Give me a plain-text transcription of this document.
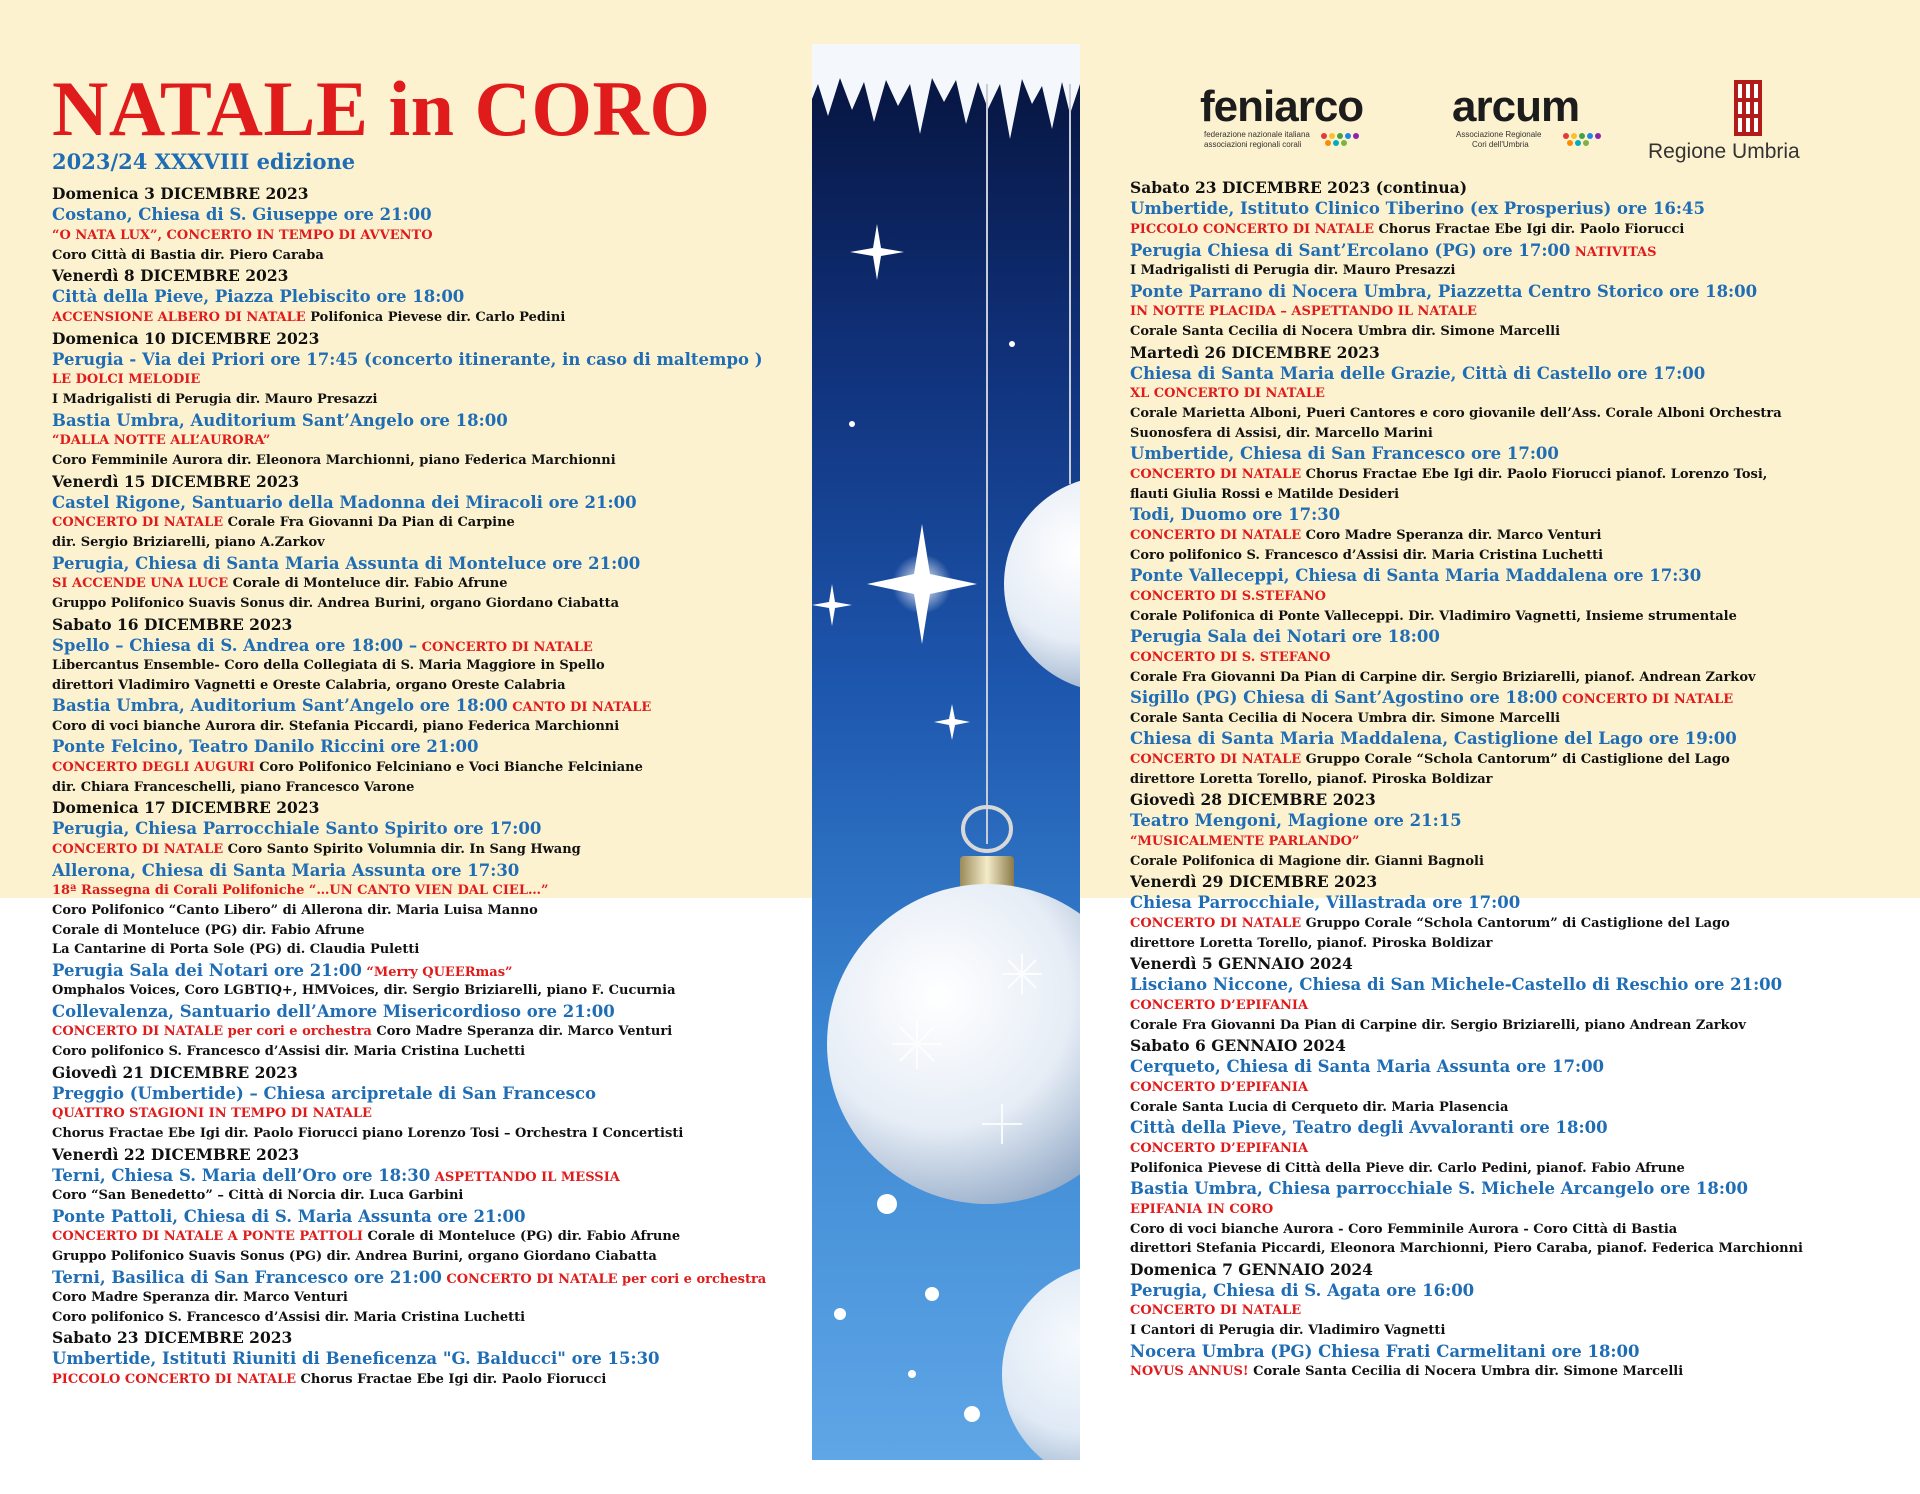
NATALE in CORO
2023/24 XXXVIII edizione
Domenica 3 DICEMBRE 2023
Costano, Chiesa di S. Giuseppe ore 21:00
“O NATA LUX”, CONCERTO IN TEMPO DI AVVENTO
Coro Città di Bastia dir. Piero Caraba
Venerdì 8 DICEMBRE 2023
Città della Pieve, Piazza Plebiscito ore 18:00
ACCENSIONE ALBERO DI NATALE Polifonica Pievese dir. Carlo Pedini
Domenica 10 DICEMBRE 2023
Perugia - Via dei Priori ore 17:45 (concerto itinerante, in caso di maltempo )
LE DOLCI MELODIE
I Madrigalisti di Perugia dir. Mauro Presazzi
Bastia Umbra, Auditorium Sant’Angelo ore 18:00
“DALLA NOTTE ALL’AURORA”
Coro Femminile Aurora dir. Eleonora Marchionni, piano Federica Marchionni
Venerdì 15 DICEMBRE 2023
Castel Rigone, Santuario della Madonna dei Miracoli ore 21:00
CONCERTO DI NATALE Corale Fra Giovanni Da Pian di Carpine
dir. Sergio Briziarelli, piano A.Zarkov
Perugia, Chiesa di Santa Maria Assunta di Monteluce ore 21:00
SI ACCENDE UNA LUCE Corale di Monteluce dir. Fabio Afrune
Gruppo Polifonico Suavis Sonus dir. Andrea Burini, organo Giordano Ciabatta
Sabato 16 DICEMBRE 2023
Spello – Chiesa di S. Andrea ore 18:00 – CONCERTO DI NATALE
Libercantus Ensemble- Coro della Collegiata di S. Maria Maggiore in Spello
direttori Vladimiro Vagnetti e Oreste Calabria, organo Oreste Calabria
Bastia Umbra, Auditorium Sant’Angelo ore 18:00 CANTO DI NATALE
Coro di voci bianche Aurora dir. Stefania Piccardi, piano Federica Marchionni
Ponte Felcino, Teatro Danilo Riccini ore 21:00
CONCERTO DEGLI AUGURI Coro Polifonico Felciniano e Voci Bianche Felciniane
dir. Chiara Franceschelli, piano Francesco Varone
Domenica 17 DICEMBRE 2023
Perugia, Chiesa Parrocchiale Santo Spirito ore 17:00
CONCERTO DI NATALE Coro Santo Spirito Volumnia dir. In Sang Hwang
Allerona, Chiesa di Santa Maria Assunta ore 17:30
18ª Rassegna di Corali Polifoniche “…UN CANTO VIEN DAL CIEL…”
Coro Polifonico “Canto Libero” di Allerona dir. Maria Luisa Manno
Corale di Monteluce (PG) dir. Fabio Afrune
La Cantarine di Porta Sole (PG) di. Claudia Puletti
Perugia Sala dei Notari ore 21:00 “Merry QUEERmas”
Omphalos Voices, Coro LGBTIQ+, HMVoices, dir. Sergio Briziarelli, piano F. Cucurnia
Collevalenza, Santuario dell’Amore Misericordioso ore 21:00
CONCERTO DI NATALE per cori e orchestra Coro Madre Speranza dir. Marco Venturi
Coro polifonico S. Francesco d’Assisi dir. Maria Cristina Luchetti
Giovedì 21 DICEMBRE 2023
Preggio (Umbertide) – Chiesa arcipretale di San Francesco
QUATTRO STAGIONI IN TEMPO DI NATALE
Chorus Fractae Ebe Igi dir. Paolo Fiorucci piano Lorenzo Tosi – Orchestra I Concertisti
Venerdì 22 DICEMBRE 2023
Terni, Chiesa S. Maria dell’Oro ore 18:30 ASPETTANDO IL MESSIA
Coro “San Benedetto” – Città di Norcia dir. Luca Garbini
Ponte Pattoli, Chiesa di S. Maria Assunta ore 21:00
CONCERTO DI NATALE A PONTE PATTOLI Corale di Monteluce (PG) dir. Fabio Afrune
Gruppo Polifonico Suavis Sonus (PG) dir. Andrea Burini, organo Giordano Ciabatta
Terni, Basilica di San Francesco ore 21:00 CONCERTO DI NATALE per cori e orchestra
Coro Madre Speranza dir. Marco Venturi
Coro polifonico S. Francesco d’Assisi dir. Maria Cristina Luchetti
Sabato 23 DICEMBRE 2023
Umbertide, Istituti Riuniti di Beneficenza "G. Balducci" ore 15:30
PICCOLO CONCERTO DI NATALE Chorus Fractae Ebe Igi dir. Paolo Fiorucci
feniarco
federazione nazionale italiana
associazioni regionali corali
arcum
Associazione Regionale
Cori dell'Umbria	Regione Umbria
Sabato 23 DICEMBRE 2023 (continua)
Umbertide, Istituto Clinico Tiberino (ex Prosperius) ore 16:45
PICCOLO CONCERTO DI NATALE Chorus Fractae Ebe Igi dir. Paolo Fiorucci
Perugia Chiesa di Sant’Ercolano (PG) ore 17:00 NATIVITAS
I Madrigalisti di Perugia dir. Mauro Presazzi
Ponte Parrano di Nocera Umbra, Piazzetta Centro Storico ore 18:00
IN NOTTE PLACIDA – ASPETTANDO IL NATALE
Corale Santa Cecilia di Nocera Umbra dir. Simone Marcelli
Martedì 26 DICEMBRE 2023
Chiesa di Santa Maria delle Grazie, Città di Castello ore 17:00
XL CONCERTO DI NATALE
Corale Marietta Alboni, Pueri Cantores e coro giovanile dell’Ass. Corale Alboni Orchestra
Suonosfera di Assisi, dir. Marcello Marini
Umbertide, Chiesa di San Francesco ore 17:00
CONCERTO DI NATALE Chorus Fractae Ebe Igi dir. Paolo Fiorucci pianof. Lorenzo Tosi,
flauti Giulia Rossi e Matilde Desideri
Todi, Duomo ore 17:30
CONCERTO DI NATALE Coro Madre Speranza dir. Marco Venturi
Coro polifonico S. Francesco d’Assisi dir. Maria Cristina Luchetti
Ponte Valleceppi, Chiesa di Santa Maria Maddalena ore 17:30
CONCERTO DI S.STEFANO
Corale Polifonica di Ponte Valleceppi. Dir. Vladimiro Vagnetti, Insieme strumentale
Perugia Sala dei Notari ore 18:00
CONCERTO DI S. STEFANO
Corale Fra Giovanni Da Pian di Carpine dir. Sergio Briziarelli, pianof. Andrean Zarkov
Sigillo (PG) Chiesa di Sant’Agostino ore 18:00 CONCERTO DI NATALE
Corale Santa Cecilia di Nocera Umbra dir. Simone Marcelli
Chiesa di Santa Maria Maddalena, Castiglione del Lago ore 19:00
CONCERTO DI NATALE Gruppo Corale “Schola Cantorum” di Castiglione del Lago
direttore Loretta Torello, pianof. Piroska Boldizar
Giovedì 28 DICEMBRE 2023
Teatro Mengoni, Magione ore 21:15
“MUSICALMENTE PARLANDO”
Corale Polifonica di Magione dir. Gianni Bagnoli
Venerdì 29 DICEMBRE 2023
Chiesa Parrocchiale, Villastrada ore 17:00
CONCERTO DI NATALE Gruppo Corale “Schola Cantorum” di Castiglione del Lago
direttore Loretta Torello, pianof. Piroska Boldizar
Venerdì 5 GENNAIO 2024
Lisciano Niccone, Chiesa di San Michele-Castello di Reschio ore 21:00
CONCERTO D’EPIFANIA
Corale Fra Giovanni Da Pian di Carpine dir. Sergio Briziarelli, piano Andrean Zarkov
Sabato 6 GENNAIO 2024
Cerqueto, Chiesa di Santa Maria Assunta ore 17:00
CONCERTO D’EPIFANIA
Corale Santa Lucia di Cerqueto dir. Maria Plasencia
Città della Pieve, Teatro degli Avvaloranti ore 18:00
CONCERTO D’EPIFANIA
Polifonica Pievese di Città della Pieve dir. Carlo Pedini, pianof. Fabio Afrune
Bastia Umbra, Chiesa parrocchiale S. Michele Arcangelo ore 18:00
EPIFANIA IN CORO
Coro di voci bianche Aurora - Coro Femminile Aurora - Coro Città di Bastia
direttori Stefania Piccardi, Eleonora Marchionni, Piero Caraba, pianof. Federica Marchionni
Domenica 7 GENNAIO 2024
Perugia, Chiesa di S. Agata ore 16:00
CONCERTO DI NATALE
I Cantori di Perugia dir. Vladimiro Vagnetti
Nocera Umbra (PG) Chiesa Frati Carmelitani ore 18:00
NOVUS ANNUS! Corale Santa Cecilia di Nocera Umbra dir. Simone Marcelli
